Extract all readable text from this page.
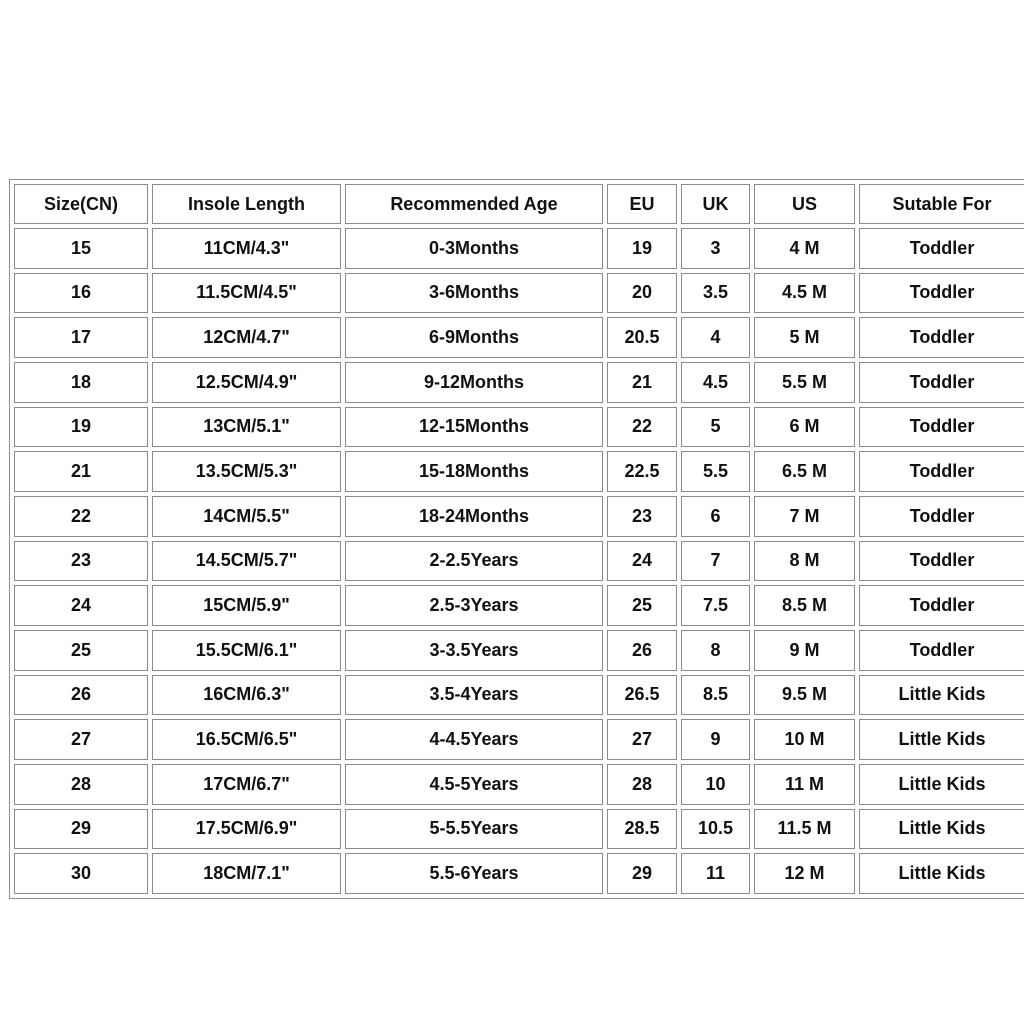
Size(CN)	Insole Length	Recommended Age	EU	UK	US	Sutable For
15	11CM/4.3"	0-3Months	19	3	4 M	Toddler
16	11.5CM/4.5"	3-6Months	20	3.5	4.5 M	Toddler
17	12CM/4.7"	6-9Months	20.5	4	5 M	Toddler
18	12.5CM/4.9"	9-12Months	21	4.5	5.5 M	Toddler
19	13CM/5.1"	12-15Months	22	5	6 M	Toddler
21	13.5CM/5.3"	15-18Months	22.5	5.5	6.5 M	Toddler
22	14CM/5.5"	18-24Months	23	6	7 M	Toddler
23	14.5CM/5.7"	2-2.5Years	24	7	8 M	Toddler
24	15CM/5.9"	2.5-3Years	25	7.5	8.5 M	Toddler
25	15.5CM/6.1"	3-3.5Years	26	8	9 M	Toddler
26	16CM/6.3"	3.5-4Years	26.5	8.5	9.5 M	Little Kids
27	16.5CM/6.5"	4-4.5Years	27	9	10 M	Little Kids
28	17CM/6.7"	4.5-5Years	28	10	11 M	Little Kids
29	17.5CM/6.9"	5-5.5Years	28.5	10.5	11.5 M	Little Kids
30	18CM/7.1"	5.5-6Years	29	11	12 M	Little Kids
